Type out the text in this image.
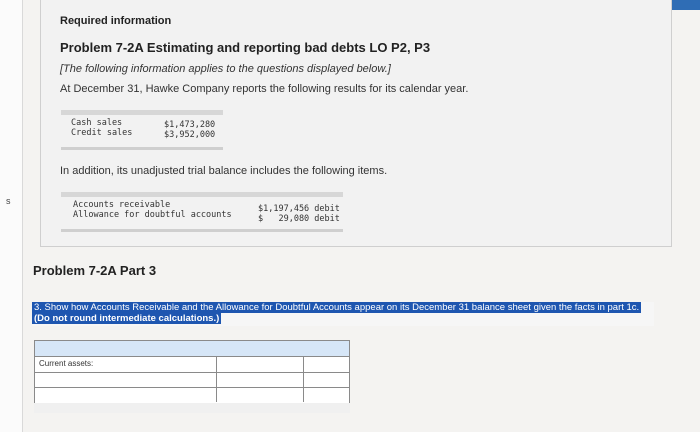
s
Required information
Problem 7-2A Estimating and reporting bad debts LO P2, P3
[The following information applies to the questions displayed below.]
At December 31, Hawke Company reports the following results for its calendar year.
Cash sales	$1,473,280
Credit sales	$3,952,000
In addition, its unadjusted trial balance includes the following items.
Accounts receivable	$1,197,456 debit
Allowance for doubtful accounts	$   29,080 debit
Problem 7-2A Part 3
3. Show how Accounts Receivable and the Allowance for Doubtful Accounts appear on its December 31 balance sheet given the facts in part 1c. (Do not round intermediate calculations.)
Current assets:
